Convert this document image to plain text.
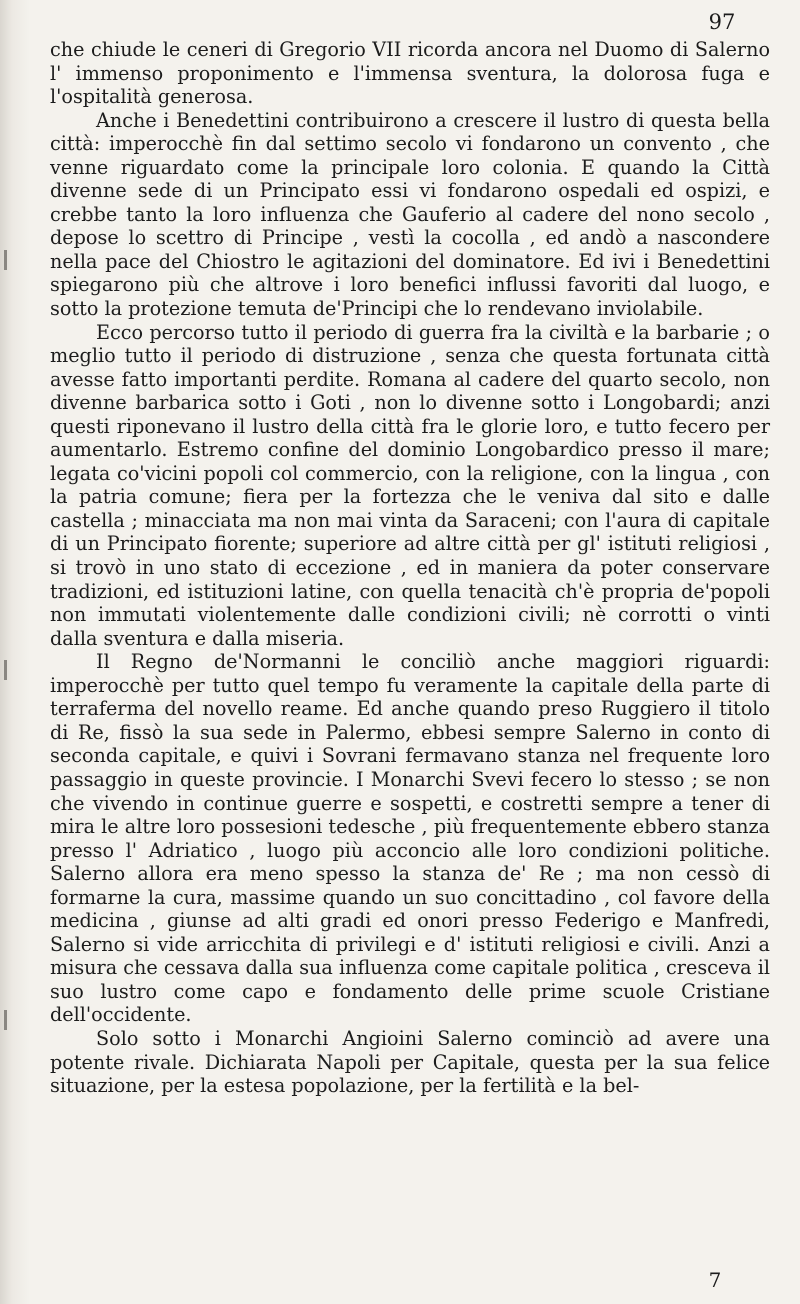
97

che chiude le ceneri di Gregorio VII ricorda ancora nel Duomo di Salerno l' immenso proponimento e l'immensa sventura, la dolorosa fuga e l'ospitalità generosa.

Anche i Benedettini contribuirono a crescere il lustro di questa bella città: imperocchè fin dal settimo secolo vi fondarono un convento , che venne riguardato come la principale loro colonia. E quando la Città divenne sede di un Principato essi vi fondarono ospedali ed ospizi, e crebbe tanto la loro influenza che Gauferio al cadere del nono secolo , depose lo scettro di Principe , vestì la cocolla , ed andò a nascondere nella pace del Chiostro le agitazioni del dominatore. Ed ivi i Benedettini spiegarono più che altrove i loro benefici influssi favoriti dal luogo, e sotto la protezione temuta de'Principi che lo rendevano inviolabile.

Ecco percorso tutto il periodo di guerra fra la civiltà e la barbarie ; o meglio tutto il periodo di distruzione , senza che questa fortunata città avesse fatto importanti perdite. Romana al cadere del quarto secolo, non divenne barbarica sotto i Goti , non lo divenne sotto i Longobardi; anzi questi riponevano il lustro della città fra le glorie loro, e tutto fecero per aumentarlo. Estremo confine del dominio Longobardico presso il mare; legata co'vicini popoli col commercio, con la religione, con la lingua , con la patria comune; fiera per la fortezza che le veniva dal sito e dalle castella ; minacciata ma non mai vinta da Saraceni; con l'aura di capitale di un Principato fiorente; superiore ad altre città per gl' istituti religiosi , si trovò in uno stato di eccezione , ed in maniera da poter conservare tradizioni, ed istituzioni latine, con quella tenacità ch'è propria de'popoli non immutati violentemente dalle condizioni civili; nè corrotti o vinti dalla sventura e dalla miseria.

Il Regno de'Normanni le conciliò anche maggiori riguardi: imperocchè per tutto quel tempo fu veramente la capitale della parte di terraferma del novello reame. Ed anche quando preso Ruggiero il titolo di Re, fissò la sua sede in Palermo, ebbesi sempre Salerno in conto di seconda capitale, e quivi i Sovrani fermavano stanza nel frequente loro passaggio in queste provincie. I Monarchi Svevi fecero lo stesso ; se non che vivendo in continue guerre e sospetti, e costretti sempre a tener di mira le altre loro possesioni tedesche , più frequentemente ebbero stanza presso l' Adriatico , luogo più acconcio alle loro condizioni politiche. Salerno allora era meno spesso la stanza de' Re ; ma non cessò di formarne la cura, massime quando un suo concittadino , col favore della medicina , giunse ad alti gradi ed onori presso Federigo e Manfredi, Salerno si vide arricchita di privilegi e d' istituti religiosi e civili. Anzi a misura che cessava dalla sua influenza come capitale politica , cresceva il suo lustro come capo e fondamento delle prime scuole Cristiane dell'occidente.

Solo sotto i Monarchi Angioini Salerno cominciò ad avere una potente rivale. Dichiarata Napoli per Capitale, questa per la sua felice situazione, per la estesa popolazione, per la fertilità e la bel-

7
